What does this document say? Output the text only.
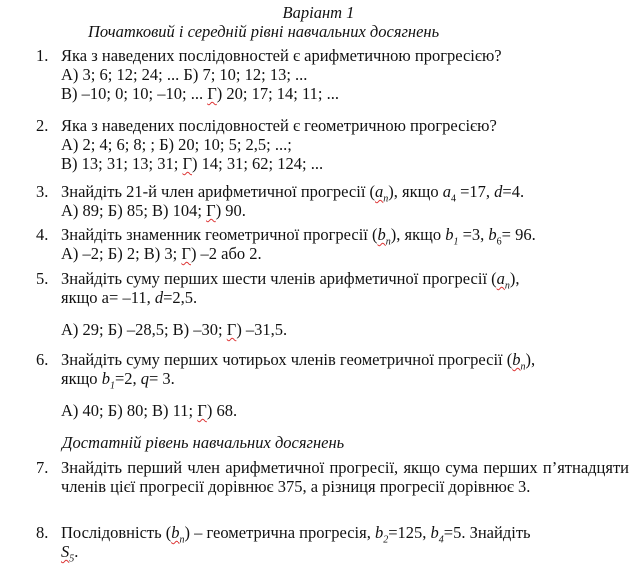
Варіант 1
Початковий і середній рівні навчальних досягнень
1. Яка з наведених послідовностей є арифметичною прогресією?
А) 3; 6; 12; 24; ... Б) 7; 10; 12; 13; ...
В) –10; 0; 10; –10; ... Г) 20; 17; 14; 11; ...
2. Яка з наведених послідовностей є геометричною прогресією?
А) 2; 4; 6; 8; ; Б) 20; 10; 5; 2,5; ...;
В) 13; 31; 13; 31; Г) 14; 31; 62; 124; ...
3. Знайдіть 21-й член арифметичної прогресії $(a_n)$, якщо $a_4 =17$, d=4.
А) 89; Б) 85; В) 104; Г) 90.
4. Знайдіть знаменник геометричної прогресії $(b_n)$, якщо $b_1 =3$, $b_6= 96$.
А) –2; Б) 2; В) 3; Г) –2 або 2.
5. Знайдіть суму перших шести членів арифметичної прогресії $(a_n)$,
якщо a= –11, d=2,5.
А) 29; Б) –28,5; В) –30; Г) –31,5.
6. Знайдіть суму перших чотирьох членів геометричної прогресії $(b_n)$,
якщо $b_1=2$, q= 3.
А) 40; Б) 80; В) 11; Г) 68.
Достатній рівень навчальних досягнень
7. Знайдіть перший член арифметичної прогресії, якщо сума перших п’ятнадцяти членів цієї прогресії дорівнює 375, а різниця прогресії дорівнює 3.
8. Послідовність $(b_n)$ – геометрична прогресія, $b_2=125$, $b_4=5$. Знайдіть
$S_5$.
